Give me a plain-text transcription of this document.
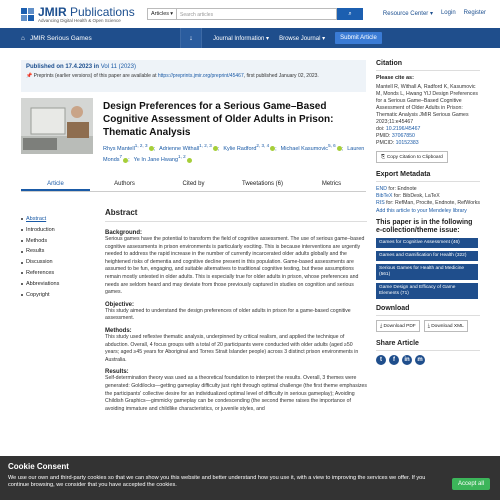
JMIR Publications
Advancing Digital Health & Open Science
Articles ▾	Search articles	⌕	Resource Center ▾ Login Register
⌂ JMIR Serious Games	↓	Journal Information ▾ Browse Journal ▾	Submit Article
Published on 17.4.2023 in Vol 11 (2023)
📌 Preprints (earlier versions) of this paper are available at https://preprints.jmir.org/preprint/45467, first published January 02, 2023.
Design Preferences for a Serious Game–Based Cognitive Assessment of Older Adults in Prison: Thematic Analysis
Rhys Mantell$^{1, 2, 3}$; Adrienne Withall$^{1, 2, 3}$; Kylie Radford$^{2, 3, 4}$; Michael Kasumovic$^{5, 6}$; Lauren Monds$^7$; Ye In Jane Hwang$^{1, 2}$
Article	Authors	Cited by	Tweetations (6)	Metrics
Abstract
Introduction
Methods
Results
Discussion
References
Abbreviations
Copyright
Abstract
Background:

Serious games have the potential to transform the field of cognitive assessment. The use of serious game–based cognitive assessments in prison environments is particularly exciting. This is because interventions are urgently needed to address the rapid increase in the number of currently incarcerated older adults globally and the heightened risks of dementia and cognitive decline present in this population. Game-based assessments are assumed to be fun, engaging, and suitable alternatives to traditional cognitive testing, but these assumptions remain mostly untested in older adults. This is especially true for older adults in prison, whose preferences and needs are seldom heard and may deviate from those previously captured in studies on cognition and serious games.

Objective:

This study aimed to understand the design preferences of older adults in prison for a game-based cognitive assessment.

Methods:

This study used reflexive thematic analysis, underpinned by critical realism, and applied the technique of abduction. Overall, 4 focus groups with a total of 20 participants were conducted with older adults (aged ≥50 years; aged ≥45 years for Aboriginal and Torres Strait Islander people) across 3 distinct prison environments in Australia.

Results:

Self-determination theory was used as a theoretical foundation to interpret the results. Overall, 3 themes were generated: Goldilocks—getting gameplay difficulty just right through optimal challenge (the first theme emphasizes the participants' collective desire for an individualized optimal level of difficulty in serious gameplay); Avoiding Childish Graphics—gimmicky gameplay can be condescending (the second theme raises the importance of avoiding immature and childlike characteristics, or juvenile styles, and

Citation
Please cite as:
Mantell R, Withall A, Radford K, Kasumovic M, Monds L, Hwang YIJ Design Preferences for a Serious Game–Based Cognitive Assessment of Older Adults in Prison: Thematic Analysis JMIR Serious Games 2023;11:e45467
doi: 10.2196/45467
PMID: 37067850
PMCID: 10152383
⎘ Copy Citation to Clipboard
Export Metadata
END for: Endnote
BibTeX for: BibDesk, LaTeX
RIS for: RefMan, Procite, Endnote, RefWorks
Add this article to your Mendeley library
This paper is in the following e-collection/theme issue:
Games for Cognitive Assessment (46)
Games and Gamification for Health (322)
Serious Games for Health and Medicine (561)
Game Design and Efficacy of Game Elements (71)
Download
⤓ Download PDF	⤓ Download XML
Share Article
t	f	in	m
Cookie Consent

We use our own and third-party cookies so that we can show you this website and better understand how you use it, with a view to improving the services we offer. If you continue browsing, we consider that you have accepted the cookies.	Accept all
